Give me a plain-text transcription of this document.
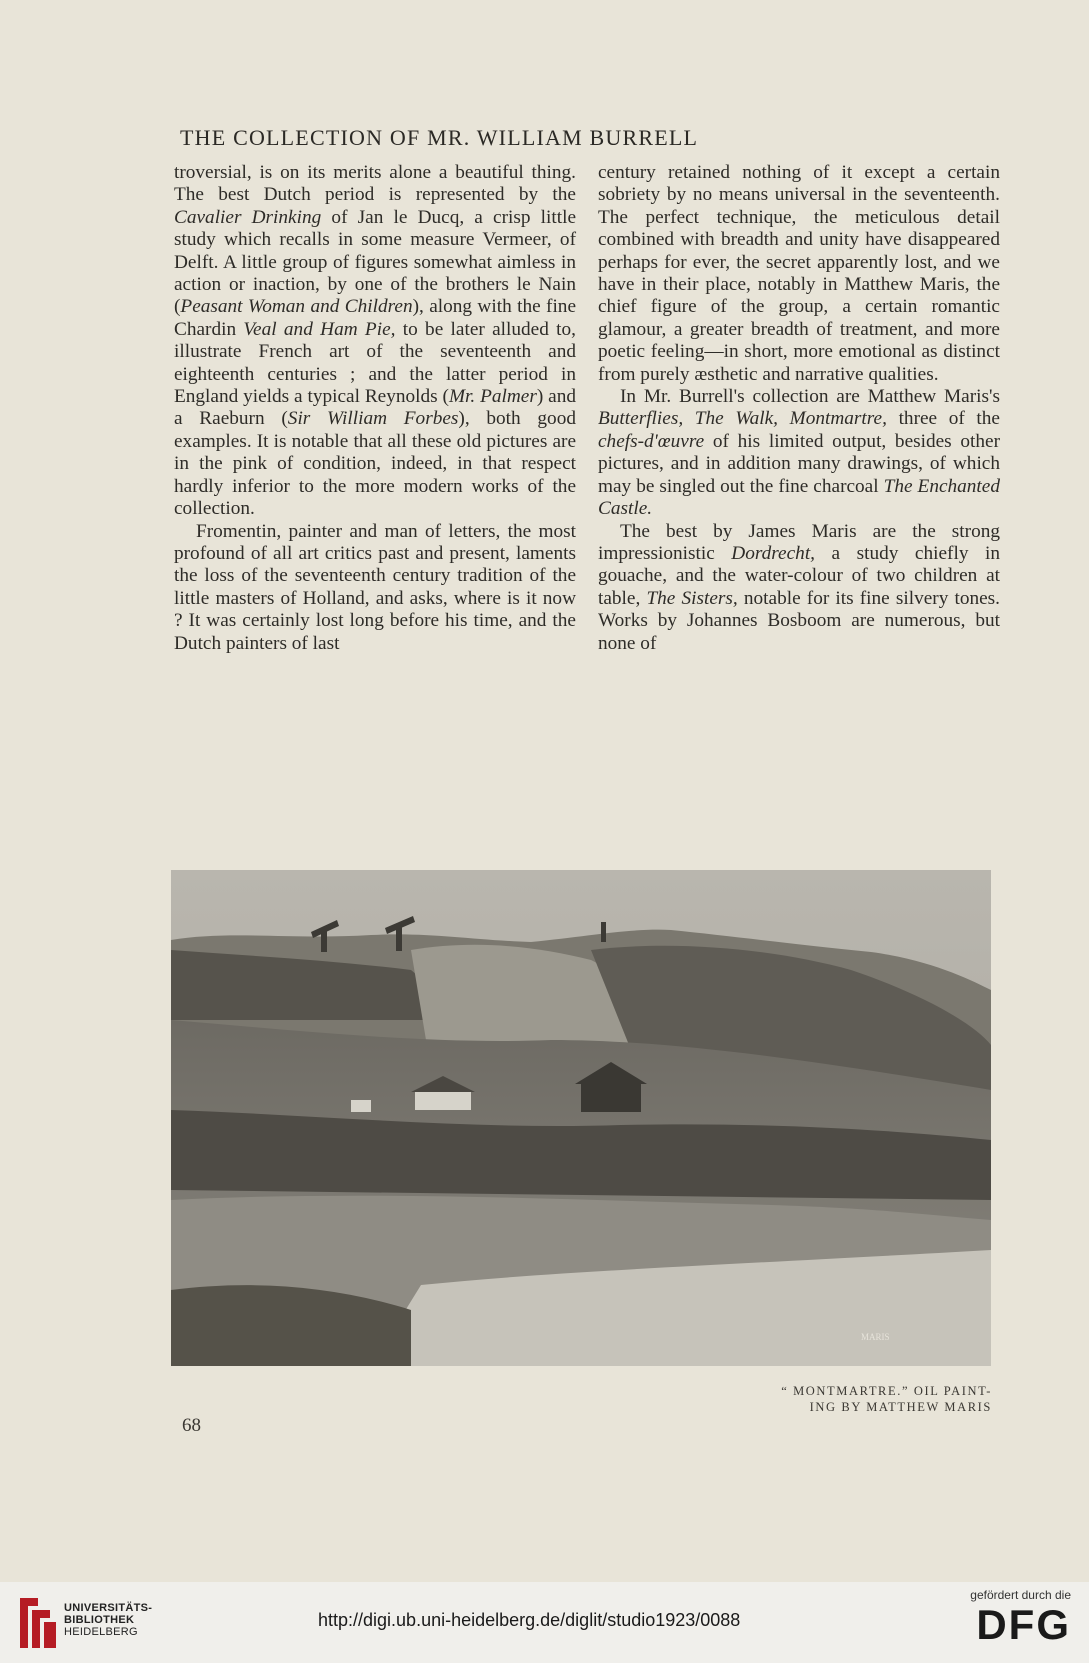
THE COLLECTION OF MR. WILLIAM BURRELL

troversial, is on its merits alone a beautiful thing. The best Dutch period is represented by the Cavalier Drinking of Jan le Ducq, a crisp little study which recalls in some measure Vermeer, of Delft. A little group of figures somewhat aimless in action or inaction, by one of the brothers le Nain (Peasant Woman and Children), along with the fine Chardin Veal and Ham Pie, to be later alluded to, illustrate French art of the seventeenth and eighteenth centuries ; and the latter period in England yields a typical Reynolds (Mr. Palmer) and a Raeburn (Sir William Forbes), both good examples. It is notable that all these old pictures are in the pink of condition, indeed, in that respect hardly inferior to the more modern works of the collection.

Fromentin, painter and man of letters, the most profound of all art critics past and present, laments the loss of the seventeenth century tradition of the little masters of Holland, and asks, where is it now ? It was certainly lost long before his time, and the Dutch painters of last

century retained nothing of it except a certain sobriety by no means universal in the seventeenth. The perfect technique, the meticulous detail combined with breadth and unity have disappeared perhaps for ever, the secret apparently lost, and we have in their place, notably in Matthew Maris, the chief figure of the group, a certain romantic glamour, a greater breadth of treatment, and more poetic feeling—in short, more emotional as distinct from purely æsthetic and narrative qualities.

In Mr. Burrell's collection are Matthew Maris's Butterflies, The Walk, Montmartre, three of the chefs-d'œuvre of his limited output, besides other pictures, and in addition many drawings, of which may be singled out the fine charcoal The Enchanted Castle.

The best by James Maris are the strong impressionistic Dordrecht, a study chiefly in gouache, and the water-colour of two children at table, The Sisters, notable for its fine silvery tones. Works by Johannes Bosboom are numerous, but none of

MARIS
“ MONTMARTRE.” OIL PAINT-
ING BY MATTHEW MARIS
68
UNIVERSITÄTS-
BIBLIOTHEK
HEIDELBERG
http://digi.ub.uni-heidelberg.de/diglit/studio1923/0088
gefördert durch die
DFG
